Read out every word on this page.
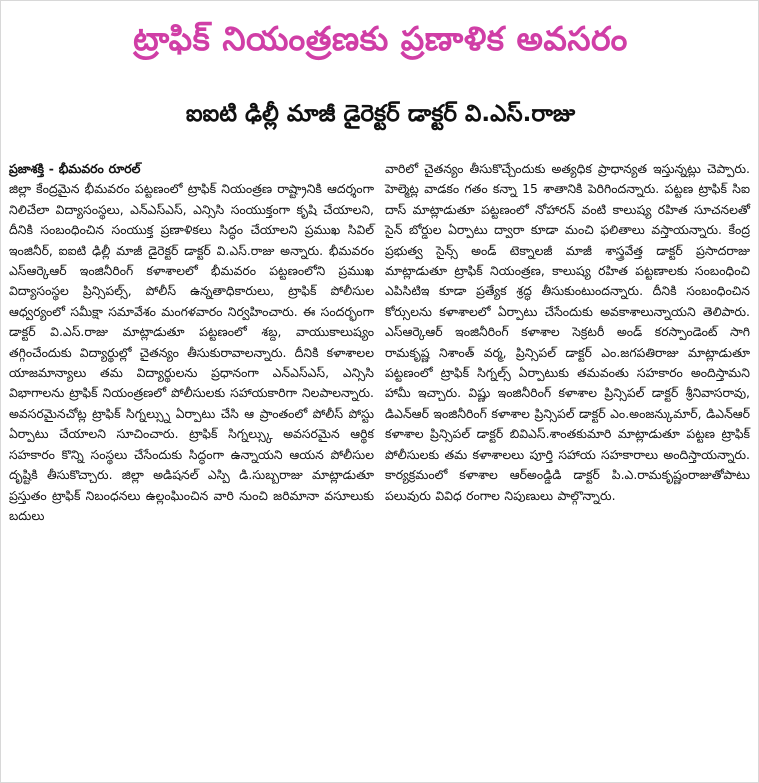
ట్రాఫిక్ నియంత్రణకు ప్రణాళిక అవసరం
ఐఐటి ఢిల్లీ మాజీ డైరెక్టర్ డాక్టర్ వి.ఎస్.రాజు
ప్రజాశక్తి - భీమవరం రూరల్
జిల్లా కేంద్రమైన భీమవరం పట్టణంలో ట్రాఫిక్ నియంత్రణ రాష్ట్రానికి ఆదర్శంగా నిలిచేలా విద్యాసంస్థలు, ఎన్ఎస్ఎస్, ఎన్సిసి సంయుక్తంగా కృషి చేయాలని, దీనికి సంబంధించిన సంయుక్త ప్రణాళికలు సిద్ధం చేయాలని ప్రముఖ సివిల్ ఇంజినీర్, ఐఐటి ఢిల్లీ మాజీ డైరెక్టర్ డాక్టర్ వి.ఎస్.రాజు అన్నారు. భీమవరం ఎస్ఆర్కెఆర్ ఇంజినీరింగ్ కళాశాలలో భీమవరం పట్టణంలోని ప్రముఖ విద్యాసంస్థల ప్రిన్సిపల్స్, పోలీస్ ఉన్నతాధికారులు, ట్రాఫిక్ పోలీసుల ఆధ్వర్యంలో సమీక్షా సమావేశం మంగళవారం నిర్వహించారు. ఈ సందర్భంగా డాక్టర్ వి.ఎస్.రాజు మాట్లాడుతూ పట్టణంలో శబ్ద, వాయుకాలుష్యం తగ్గించేందుకు విద్యార్థుల్లో చైతన్యం తీసుకురావాలన్నారు. దీనికి కళాశాలల యాజమాన్యాలు తమ విద్యార్థులను ప్రధానంగా ఎన్ఎస్ఎస్, ఎన్సిసి విభాగాలను ట్రాఫిక్ నియంత్రణలో పోలీసులకు సహాయకారిగా నిలపాలన్నారు. అవసరమైనచోట్ల ట్రాఫిక్ సిగ్నల్స్ను ఏర్పాటు చేసి ఆ ప్రాంతంలో పోలీస్ పోస్టు ఏర్పాటు చేయాలని సూచించారు. ట్రాఫిక్ సిగ్నల్స్కు అవసరమైన ఆర్థిక సహకారం కొన్ని సంస్థలు చేసేందుకు సిద్ధంగా ఉన్నాయని ఆయన పోలీసుల దృష్టికి తీసుకొచ్చారు. జిల్లా అడిషనల్ ఎస్పి డి.సుబ్బరాజు మాట్లాడుతూ ప్రస్తుతం ట్రాఫిక్ నిబంధనలు ఉల్లంఘించిన వారి నుంచి జరిమానా వసూలుకు బదులు
వారిలో చైతన్యం తీసుకొచ్చేందుకు అత్యధిక ప్రాధాన్యత ఇస్తున్నట్లు చెప్పారు. హెల్మెట్ల వాడకం గతం కన్నా 15 శాతానికి పెరిగిందన్నారు. పట్టణ ట్రాఫిక్ సిఐ దాస్ మాట్లాడుతూ పట్టణంలో నోహారన్ వంటి కాలుష్య రహిత సూచనలతో సైన్ బోర్డుల ఏర్పాటు ద్వారా కూడా మంచి ఫలితాలు వస్తాయన్నారు. కేంద్ర ప్రభుత్వ సైన్స్ అండ్ టెక్నాలజీ మాజీ శాస్త్రవేత్త డాక్టర్ ప్రసాదరాజు మాట్లాడుతూ ట్రాఫిక్ నియంత్రణ, కాలుష్య రహిత పట్టణాలకు సంబంధించి ఎపిసిటిఇ కూడా ప్రత్యేక శ్రద్ధ తీసుకుంటుందన్నారు. దీనికి సంబంధించిన కోర్సులను కళాశాలలో ఏర్పాటు చేసేందుకు అవకాశాలున్నాయని తెలిపారు. ఎస్ఆర్కెఆర్ ఇంజినీరింగ్ కళాశాల సెక్రటరీ అండ్ కరస్పాండెంట్ సాగి రామకృష్ణ నిశాంత్ వర్మ, ప్రిన్సిపల్ డాక్టర్ ఎం.జగపతిరాజు మాట్లాడుతూ పట్టణంలో ట్రాఫిక్ సిగ్నల్స్ ఏర్పాటుకు తమవంతు సహకారం అందిస్తామని హామీ ఇచ్చారు. విష్ణు ఇంజినీరింగ్ కళాశాల ప్రిన్సిపల్ డాక్టర్ శ్రీనివాసరావు, డిఎన్ఆర్ ఇంజినీరింగ్ కళాశాల ప్రిన్సిపల్ డాక్టర్ ఎం.అంజన్కుమార్, డిఎన్ఆర్ కళాశాల ప్రిన్సిపల్ డాక్టర్ బివిఎస్.శాంతకుమారి మాట్లాడుతూ పట్టణ ట్రాఫిక్ పోలీసులకు తమ కళాశాలలు పూర్తి సహాయ సహకారాలు అందిస్తాయన్నారు. కార్యక్రమంలో కళాశాల ఆర్అండ్డిడి డాక్టర్ పి.ఎ.రామకృష్ణంరాజుతోపాటు పలువురు వివిధ రంగాల నిపుణులు పాల్గొన్నారు.
